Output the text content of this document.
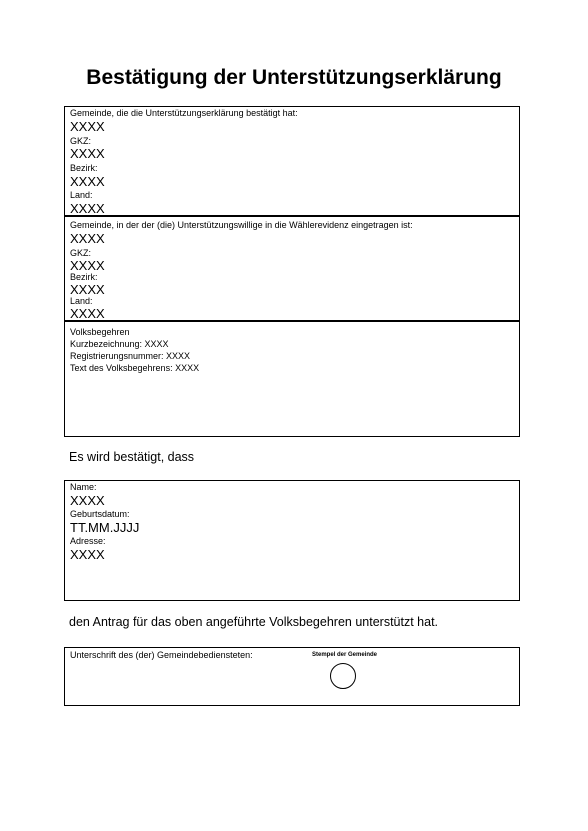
Bestätigung der Unterstützungserklärung
Gemeinde, die die Unterstützungserklärung bestätigt hat:
XXXX
GKZ:
XXXX
Bezirk:
XXXX
Land:
XXXX
Gemeinde, in der der (die) Unterstützungswillige in die Wählerevidenz eingetragen ist:
XXXX
GKZ:
XXXX
Bezirk:
XXXX
Land:
XXXX
Volksbegehren
Kurzbezeichnung: XXXX
Registrierungsnummer: XXXX
Text des Volksbegehrens: XXXX
Es wird bestätigt, dass
Name:
XXXX
Geburtsdatum:
TT.MM.JJJJ
Adresse:
XXXX
den Antrag für das oben angeführte Volksbegehren unterstützt hat.
Unterschrift des (der) Gemeindebediensteten:	Stempel der Gemeinde
